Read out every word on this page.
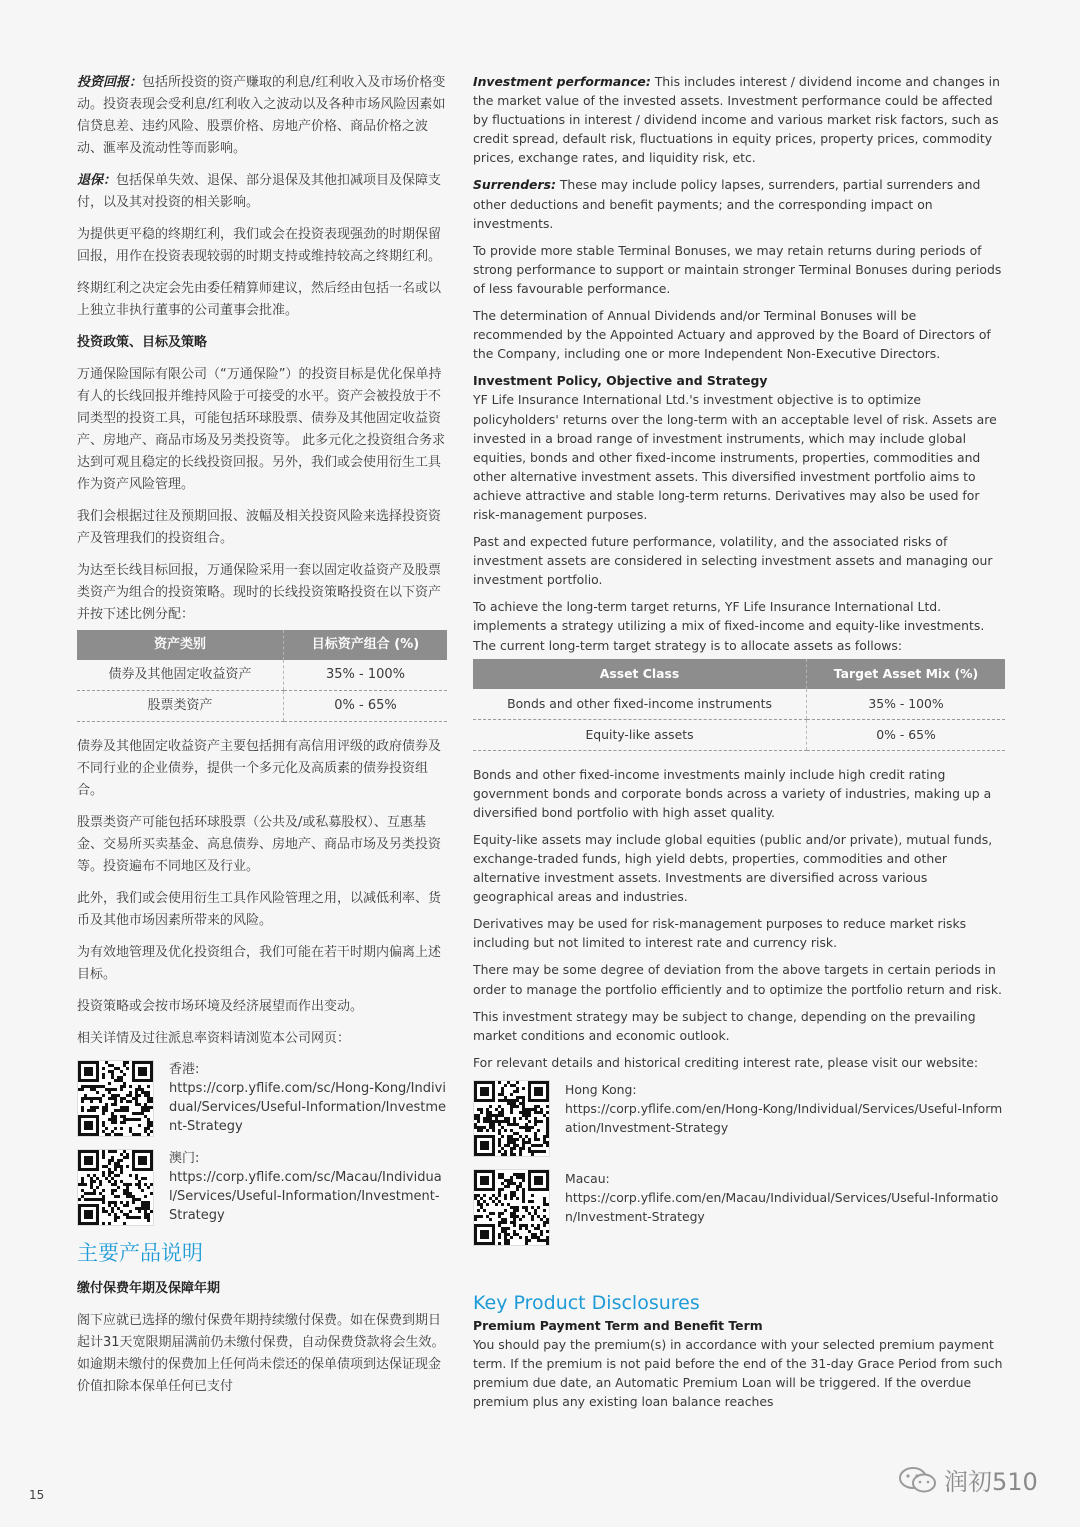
投资回报：包括所投资的资产赚取的利息/红利收入及市场价格变动。投资表现会受利息/红利收入之波动以及各种市场风险因素如信贷息差、违约风险、股票价格、房地产价格、商品价格之波动、滙率及流动性等而影响。

退保：包括保单失效、退保、部分退保及其他扣减项目及保障支付，以及其对投资的相关影响。

为提供更平稳的终期红利，我们或会在投资表现强劲的时期保留回报，用作在投资表现较弱的时期支持或维持较高之终期红利。

终期红利之决定会先由委任精算师建议，然后经由包括一名或以上独立非执行董事的公司董事会批准。

投资政策、目标及策略

万通保险国际有限公司（“万通保险”）的投资目标是优化保单持有人的长线回报并维持风险于可接受的水平。资产会被投放于不同类型的投资工具，可能包括环球股票、债券及其他固定收益资产、房地产、商品市场及另类投资等。 此多元化之投资组合务求达到可观且稳定的长线投资回报。另外，我们或会使用衍生工具作为资产风险管理。

我们会根据过往及预期回报、波幅及相关投资风险来选择投资资产及管理我们的投资组合。

为达至长线目标回报，万通保险采用一套以固定收益资产及股票类资产为组合的投资策略。现时的长线投资策略投资在以下资产并按下述比例分配：

资产类别	目标资产组合 (%)
债券及其他固定收益资产	35% - 100%
股票类资产	0% - 65%

债券及其他固定收益资产主要包括拥有高信用评级的政府债券及不同行业的企业债券，提供一个多元化及高质素的债券投资组合。

股票类资产可能包括环球股票（公共及/或私募股权）、互惠基金、交易所买卖基金、高息债券、房地产、商品市场及另类投资等。投资遍布不同地区及行业。

此外，我们或会使用衍生工具作风险管理之用，以减低利率、货币及其他市场因素所带来的风险。

为有效地管理及优化投资组合，我们可能在若干时期内偏离上述目标。

投资策略或会按市场环境及经济展望而作出变动。

相关详情及过往派息率资料请浏览本公司网页：

香港:
https://corp.yflife.com/sc/Hong-Kong/Individual/Services/Useful-Information/Investment-Strategy
澳门:
https://corp.yflife.com/sc/Macau/Individual/Services/Useful-Information/Investment-Strategy

主要产品说明

缴付保费年期及保障年期

阁下应就已选择的缴付保费年期持续缴付保费。如在保费到期日起计31天宽限期届满前仍未缴付保费，自动保费贷款将会生效。如逾期未缴付的保费加上任何尚未偿还的保单债项到达保证现金价值扣除本保单任何已支付

Investment performance: This includes interest / dividend income and changes in the market value of the invested assets. Investment performance could be affected by fluctuations in interest / dividend income and various market risk factors, such as credit spread, default risk, fluctuations in equity prices, property prices, commodity prices, exchange rates, and liquidity risk, etc.

Surrenders: These may include policy lapses, surrenders, partial surrenders and other deductions and benefit payments; and the corresponding impact on investments.

To provide more stable Terminal Bonuses, we may retain returns during periods of strong performance to support or maintain stronger Terminal Bonuses during periods of less favourable performance.

The determination of Annual Dividends and/or Terminal Bonuses will be recommended by the Appointed Actuary and approved by the Board of Directors of the Company, including one or more Independent Non-Executive Directors.

Investment Policy, Objective and Strategy

YF Life Insurance International Ltd.'s investment objective is to optimize policyholders' returns over the long-term with an acceptable level of risk. Assets are invested in a broad range of investment instruments, which may include global equities, bonds and other fixed-income instruments, properties, commodities and other alternative investment assets. This diversified investment portfolio aims to achieve attractive and stable long-term returns. Derivatives may also be used for risk-management purposes.

Past and expected future performance, volatility, and the associated risks of investment assets are considered in selecting investment assets and managing our investment portfolio.

To achieve the long-term target returns, YF Life Insurance International Ltd. implements a strategy utilizing a mix of fixed-income and equity-like investments. The current long-term target strategy is to allocate assets as follows:

Asset Class	Target Asset Mix (%)
Bonds and other fixed-income instruments	35% - 100%
Equity-like assets	0% - 65%

Bonds and other fixed-income investments mainly include high credit rating government bonds and corporate bonds across a variety of industries, making up a diversified bond portfolio with high asset quality.

Equity-like assets may include global equities (public and/or private), mutual funds, exchange-traded funds, high yield debts, properties, commodities and other alternative investment assets. Investments are diversified across various geographical areas and industries.

Derivatives may be used for risk-management purposes to reduce market risks including but not limited to interest rate and currency risk.

There may be some degree of deviation from the above targets in certain periods in order to manage the portfolio efficiently and to optimize the portfolio return and risk.

This investment strategy may be subject to change, depending on the prevailing market conditions and economic outlook.

For relevant details and historical crediting interest rate, please visit our website:

Hong Kong:
https://corp.yflife.com/en/Hong-Kong/Individual/Services/Useful-Information/Investment-Strategy
Macau:
https://corp.yflife.com/en/Macau/Individual/Services/Useful-Information/Investment-Strategy

Key Product Disclosures

Premium Payment Term and Benefit Term

You should pay the premium(s) in accordance with your selected premium payment term. If the premium is not paid before the end of the 31-day Grace Period from such premium due date, an Automatic Premium Loan will be triggered. If the overdue premium plus any existing loan balance reaches

15	润初510
